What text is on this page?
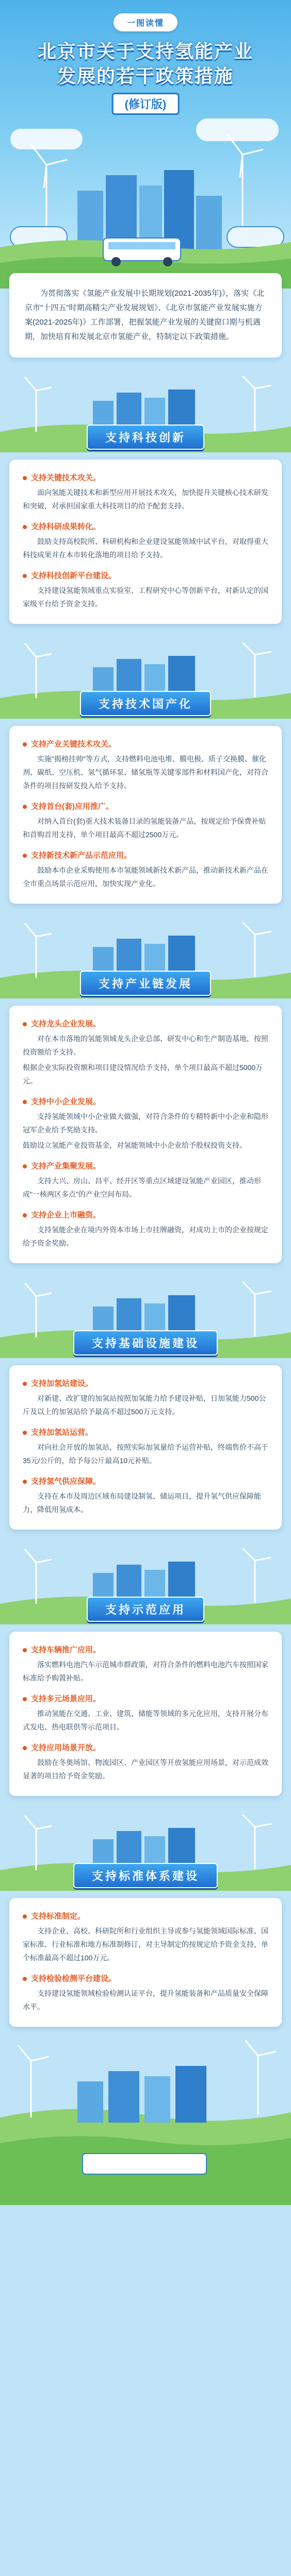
一图读懂
北京市关于支持氢能产业
发展的若干政策措施
(修订版)
为贯彻落实《氢能产业发展中长期规划(2021-2035年)》，落实《北京市"十四五"时期高精尖产业发展规划》、《北京市氢能产业发展实施方案(2021-2025年)》工作部署，把握氢能产业发展的关键窗口期与机遇期，加快培育和发展北京市氢能产业，特制定以下政策措施。
支持科技创新
支持关键技术攻关。

面向氢能关键技术和新型应用开展技术攻关，加快提升关键核心技术研发和突破，对承担国家重大科技项目的给予配套支持。

支持科研成果转化。

鼓励支持高校院所、科研机构和企业建设氢能领域中试平台，对取得重大科技成果并在本市转化落地的项目给予支持。

支持科技创新平台建设。

支持建设氢能领域重点实验室、工程研究中心等创新平台，对新认定的国家级平台给予资金支持。

支持技术国产化
支持产业关键技术攻关。

实施"揭榜挂帅"等方式，支持燃料电池电堆、膜电极、质子交换膜、催化剂、碳纸、空压机、氢气循环泵、储氢瓶等关键零部件和材料国产化，对符合条件的项目按研发投入给予支持。

支持首台(套)应用推广。

对纳入首台(套)重大技术装备目录的氢能装备产品，按规定给予保费补贴和首购首用支持，单个项目最高不超过2500万元。

支持新技术新产品示范应用。

鼓励本市企业采购使用本市氢能领域新技术新产品，推动新技术新产品在全市重点场景示范应用，加快实现产业化。

支持产业链发展
支持龙头企业发展。

对在本市落地的氢能领域龙头企业总部、研发中心和生产制造基地，按照投资额给予支持。

根据企业实际投资额和项目建设情况给予支持，单个项目最高不超过5000万元。

支持中小企业发展。

支持氢能领域中小企业做大做强，对符合条件的专精特新中小企业和隐形冠军企业给予奖励支持。

鼓励设立氢能产业投资基金，对氢能领域中小企业给予股权投资支持。

支持产业集聚发展。

支持大兴、房山、昌平、经开区等重点区域建设氢能产业园区，推动形成"一核两区多点"的产业空间布局。

支持企业上市融资。

支持氢能企业在境内外资本市场上市挂牌融资，对成功上市的企业按规定给予资金奖励。

支持基础设施建设
支持加氢站建设。

对新建、改扩建的加氢站按照加氢能力给予建设补贴，日加氢能力500公斤及以上的加氢站给予最高不超过500万元支持。

支持加氢站运营。

对向社会开放的加氢站，按照实际加氢量给予运营补贴，终端售价不高于35元/公斤的，给予每公斤最高10元补贴。

支持氢气供应保障。

支持在本市及周边区域布局建设制氢、储运项目，提升氢气供应保障能力，降低用氢成本。

支持示范应用
支持车辆推广应用。

落实燃料电池汽车示范城市群政策，对符合条件的燃料电池汽车按照国家标准给予购置补贴。

支持多元场景应用。

推动氢能在交通、工业、建筑、储能等领域的多元化应用，支持开展分布式发电、热电联供等示范项目。

支持应用场景开放。

鼓励在冬奥场馆、物流园区、产业园区等开放氢能应用场景，对示范成效显著的项目给予资金奖励。

支持标准体系建设
支持标准制定。

支持企业、高校、科研院所和行业组织主导或参与氢能领域国际标准、国家标准、行业标准和地方标准制修订，对主导制定的按规定给予资金支持，单个标准最高不超过100万元。

支持检验检测平台建设。

支持建设氢能领域检验检测认证平台，提升氢能装备和产品质量安全保障水平。
